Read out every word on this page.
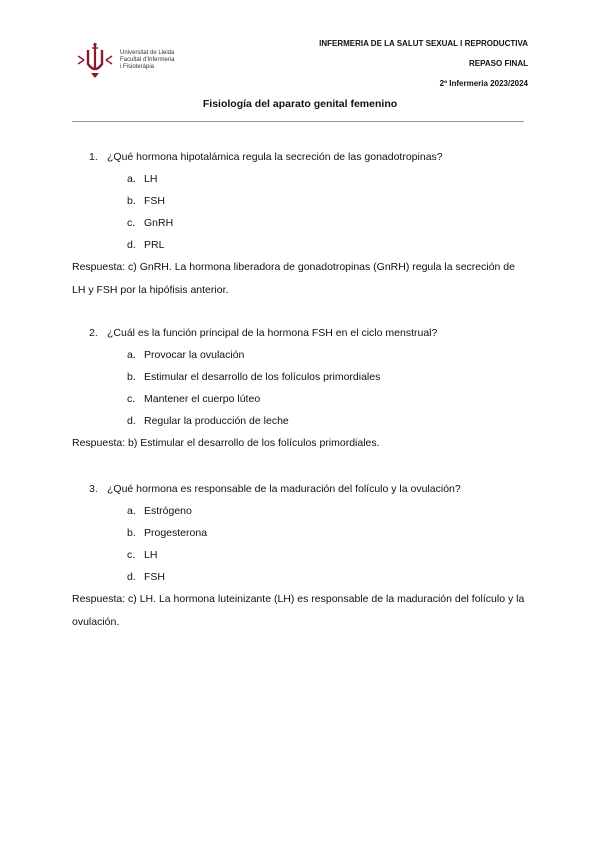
Universitat de Lleida
Facultat d'Infermeria
i Fisioteràpia
INFERMERIA DE LA SALUT SEXUAL I REPRODUCTIVA
REPASO FINAL
2º Infermeria 2023/2024
Fisiología del aparato genital femenino
1. ¿Qué hormona hipotalámica regula la secreción de las gonadotropinas?
a. LH
b. FSH
c. GnRH
d. PRL
Respuesta: c) GnRH. La hormona liberadora de gonadotropinas (GnRH) regula la secreción de LH y FSH por la hipófisis anterior.
2. ¿Cuál es la función principal de la hormona FSH en el ciclo menstrual?
a. Provocar la ovulación
b. Estimular el desarrollo de los folículos primordiales
c. Mantener el cuerpo lúteo
d. Regular la producción de leche
Respuesta: b) Estimular el desarrollo de los folículos primordiales.
3. ¿Qué hormona es responsable de la maduración del folículo y la ovulación?
a. Estrógeno
b. Progesterona
c. LH
d. FSH
Respuesta: c) LH. La hormona luteinizante (LH) es responsable de la maduración del folículo y la ovulación.
